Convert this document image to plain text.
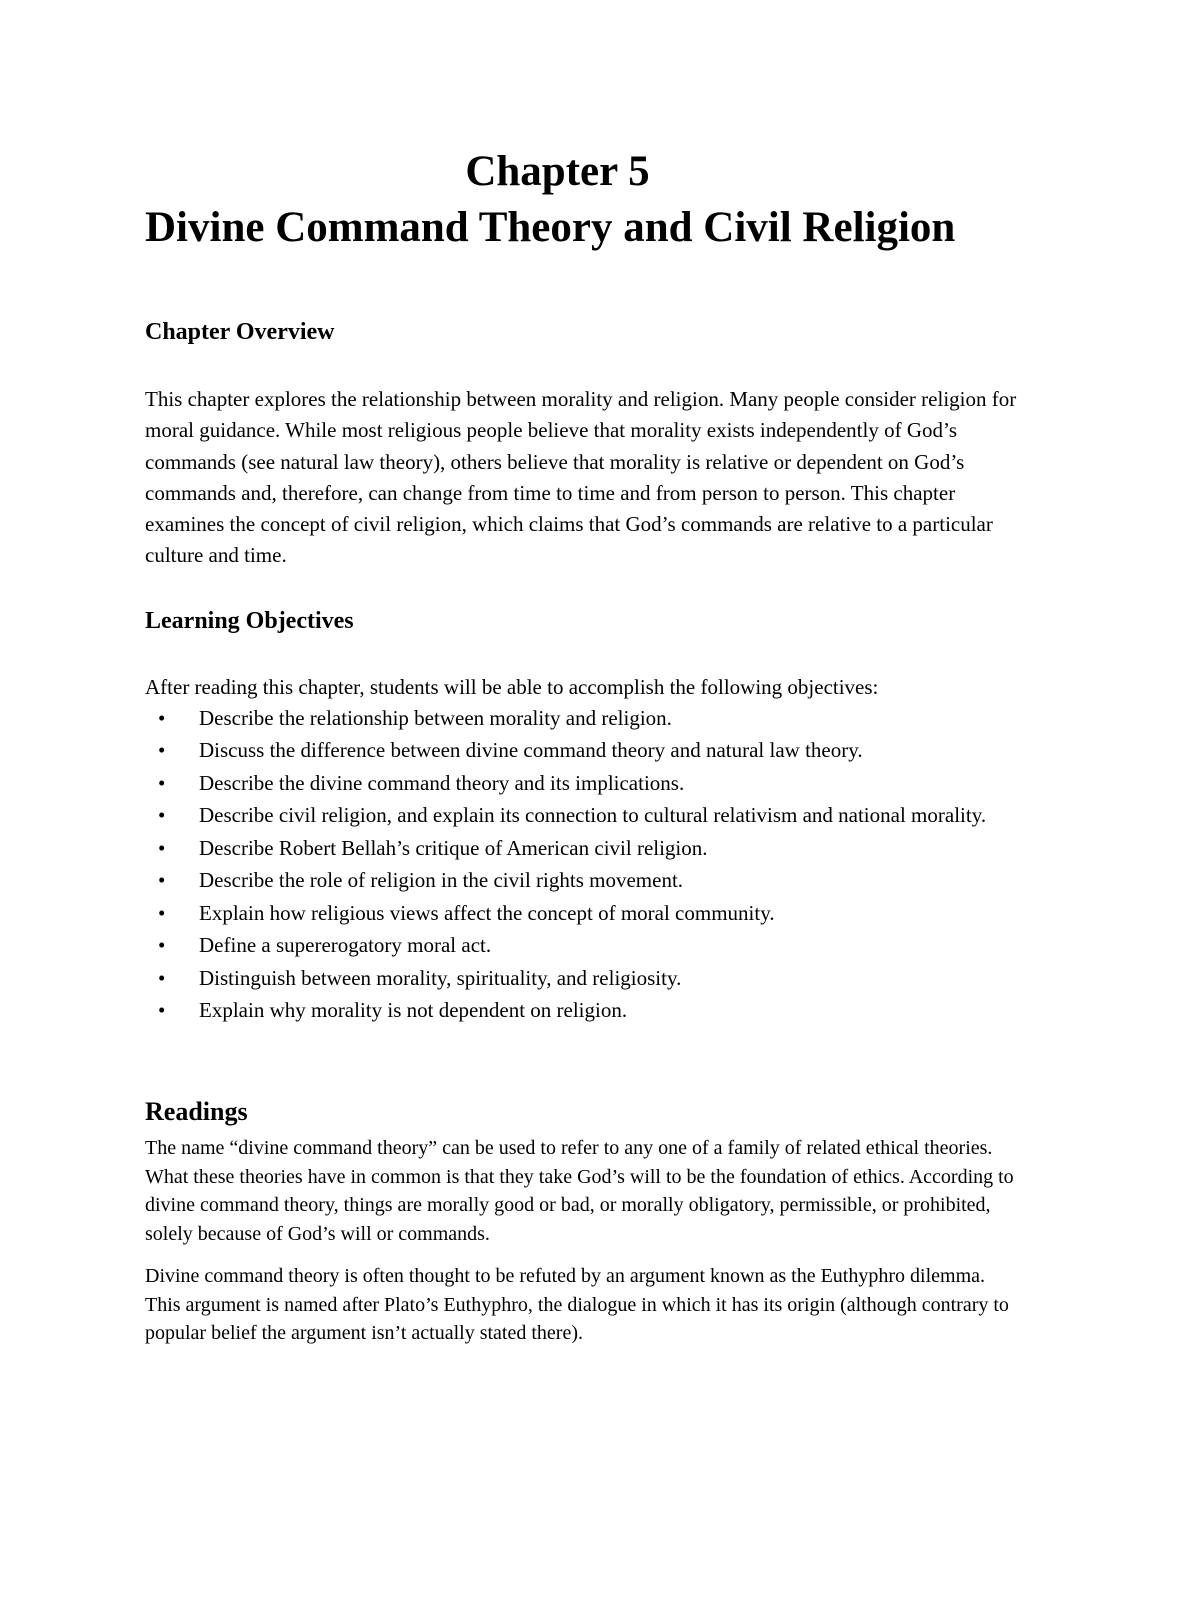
Chapter 5
Divine Command Theory and Civil Religion
Chapter Overview

This chapter explores the relationship between morality and religion. Many people consider religion for moral guidance. While most religious people believe that morality exists independently of God’s commands (see natural law theory), others believe that morality is relative or dependent on God’s commands and, therefore, can change from time to time and from person to person. This chapter examines the concept of civil religion, which claims that God’s commands are relative to a particular culture and time.

Learning Objectives

After reading this chapter, students will be able to accomplish the following objectives:

• Describe the relationship between morality and religion.
• Discuss the difference between divine command theory and natural law theory.
• Describe the divine command theory and its implications.
• Describe civil religion, and explain its connection to cultural relativism and national morality.
• Describe Robert Bellah’s critique of American civil religion.
• Describe the role of religion in the civil rights movement.
• Explain how religious views affect the concept of moral community.
• Define a supererogatory moral act.
• Distinguish between morality, spirituality, and religiosity.
• Explain why morality is not dependent on religion.
Readings

The name “divine command theory” can be used to refer to any one of a family of related ethical theories. What these theories have in common is that they take God’s will to be the foundation of ethics. According to divine command theory, things are morally good or bad, or morally obligatory, permissible, or prohibited, solely because of God’s will or commands.

Divine command theory is often thought to be refuted by an argument known as the Euthyphro dilemma. This argument is named after Plato’s Euthyphro, the dialogue in which it has its origin (although contrary to popular belief the argument isn’t actually stated there).
